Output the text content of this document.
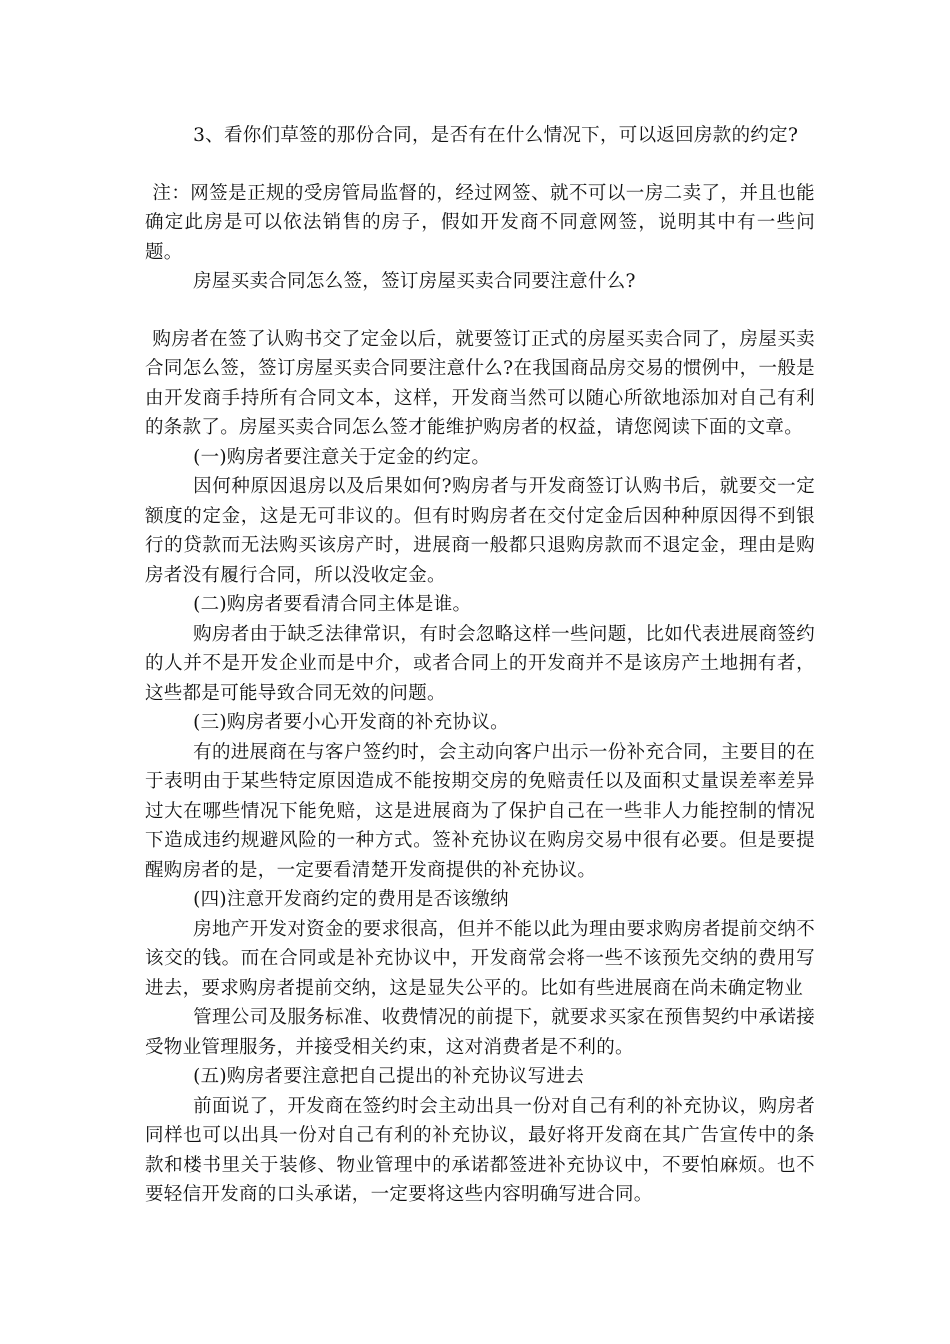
3、看你们草签的那份合同，是否有在什么情况下，可以返回房款的约定?

注：网签是正规的受房管局监督的，经过网签、就不可以一房二卖了，并且也能确定此房是可以依法销售的房子，假如开发商不同意网签，说明其中有一些问题。

房屋买卖合同怎么签，签订房屋买卖合同要注意什么?

购房者在签了认购书交了定金以后，就要签订正式的房屋买卖合同了，房屋买卖合同怎么签，签订房屋买卖合同要注意什么?在我国商品房交易的惯例中，一般是由开发商手持所有合同文本，这样，开发商当然可以随心所欲地添加对自己有利的条款了。房屋买卖合同怎么签才能维护购房者的权益，请您阅读下面的文章。

(一)购房者要注意关于定金的约定。

因何种原因退房以及后果如何?购房者与开发商签订认购书后，就要交一定额度的定金，这是无可非议的。但有时购房者在交付定金后因种种原因得不到银行的贷款而无法购买该房产时，进展商一般都只退购房款而不退定金，理由是购房者没有履行合同，所以没收定金。

(二)购房者要看清合同主体是谁。

购房者由于缺乏法律常识，有时会忽略这样一些问题，比如代表进展商签约的人并不是开发企业而是中介，或者合同上的开发商并不是该房产土地拥有者，这些都是可能导致合同无效的问题。

(三)购房者要小心开发商的补充协议。

有的进展商在与客户签约时，会主动向客户出示一份补充合同，主要目的在于表明由于某些特定原因造成不能按期交房的免赔责任以及面积丈量误差率差异过大在哪些情况下能免赔，这是进展商为了保护自己在一些非人力能控制的情况下造成违约规避风险的一种方式。签补充协议在购房交易中很有必要。但是要提醒购房者的是，一定要看清楚开发商提供的补充协议。

(四)注意开发商约定的费用是否该缴纳

房地产开发对资金的要求很高，但并不能以此为理由要求购房者提前交纳不该交的钱。而在合同或是补充协议中，开发商常会将一些不该预先交纳的费用写进去，要求购房者提前交纳，这是显失公平的。比如有些进展商在尚未确定物业

管理公司及服务标准、收费情况的前提下，就要求买家在预售契约中承诺接受物业管理服务，并接受相关约束，这对消费者是不利的。

(五)购房者要注意把自己提出的补充协议写进去

前面说了，开发商在签约时会主动出具一份对自己有利的补充协议，购房者同样也可以出具一份对自己有利的补充协议，最好将开发商在其广告宣传中的条款和楼书里关于装修、物业管理中的承诺都签进补充协议中，不要怕麻烦。也不要轻信开发商的口头承诺，一定要将这些内容明确写进合同。
